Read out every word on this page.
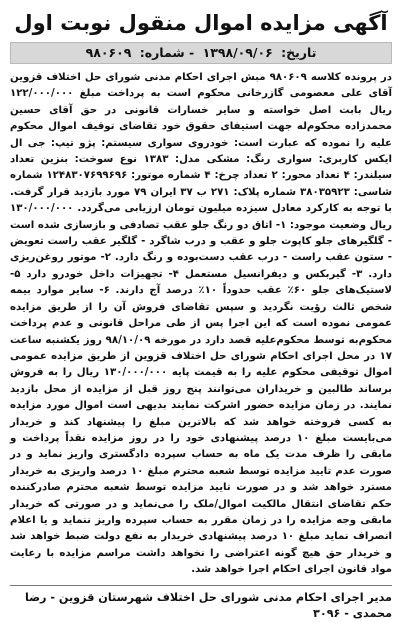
آگهی مزایده اموال منقول نوبت اول
تاریخ: ۱۳۹۸/۰۹/۰۶ - شماره: ۹۸۰۶۰۹

در پرونده کلاسه ۹۸۰۶۰۹ مبش اجرای احکام مدنی شورای حل اختلاف قزوین آقای علی معصومی گازرخانی محکوم است به پرداخت مبلغ ۱۲۲/۰۰۰/۰۰۰ ریال بابت اصل خواسته و سایر خسارات قانونی در حق آقای حسین محمدزاده محکوم‌له جهت استیفای حقوق خود تقاضای توقیف اموال محکوم علیه را نموده که عبارت است: خودروی سواری سیستم: پژو تیپ: جی ال ایکس کاربری: سواری رنگ: مشکی مدل: ۱۳۸۳ نوع سوخت: بنزین تعداد سیلندر: ۴ تعداد محور: ۲ تعداد چرخ: ۴ شماره موتور: ۱۲۴۸۳۰۷۶۹۹۶۹۶ شماره شاسی: ۳۸۰۳۵۹۲۳ شماره پلاک: ۲۷۱ ب ۳۷ ایران ۷۹ مورد بازدید قرار گرفت. با توجه به کارکرد معادل سیزده میلیون تومان ارزیابی می‌گردد. ۱۳۰/۰۰۰/۰۰۰ ریال وضعیت موجود: ۱- اتاق دو رنگ جلو عقب تصادفی و بازسازی شده است - گلگیرهای جلو کاپوت جلو و عقب و درب شاگرد - گلگیر عقب راست تعویض - ستون عقب راست - درب عقب دست‌بوده و رنگ دارد. ۲- موتور روغن‌ریزی دارد. ۳- گیربکس و دیفرانسیل مستعمل ۴- تجهیزات داخل خودرو دارد ۵- لاستیک‌های جلو ۶۰٪ عقب حدوداً ۱۰٪ درصد آج دارند. ۶- سایر موارد بیمه شخص ثالث رؤیت نگردید و سپس تقاضای فروش آن را از طریق مزایده عمومی نموده است که این اجرا پس از طی مراحل قانونی و عدم پرداخت محکوم‌به توسط محکوم‌علیه قصد دارد در مورخه ۹۸/۱۰/۰۹ روز یکشنبه ساعت ۱۷ در محل اجرای احکام شورای حل اختلاف قزوین از طریق مزایده عمومی اموال توقیفی محکوم علیه را به قیمت پایه ۱۳۰/۰۰۰/۰۰۰ ریال را به فروش برساند طالبین و خریداران می‌توانند پنج روز قبل از مزایده از محل بازدید نمایند. در زمان مزایده حضور اشرکت نمایند بدیهی است اموال مورد مزایده به کسی فروخته خواهد شد که بالاترین مبلغ را پیشنهاد کند و خریدار می‌بایست مبلغ ۱۰ درصد پیشنهادی خود را در روز مزایده نقداً پرداخت و مابقی را ظرف مدت یک ماه به حساب سپرده دادگستری واریز نماید و در صورت عدم تایید مزایده توسط شعبه محترم مبلغ ۱۰ درصد واریزی به خریدار مسترد خواهد شد و در صورت تایید مزایده توسط شعبه محترم صادرکننده حکم تقاضای انتقال مالکیت اموال/ملک را می‌نماید و در صورتی که خریدار مابقی وجه مزایده را در زمان مقرر به حساب سپرده واریز ننماید و یا اعلام انصراف نماید مبلغ ۱۰ درصد پیشنهادی خریدار به نفع دولت ضبط خواهد شد و خریدار حق هیچ گونه اعتراضی را نخواهد داشت مراسم مزایده با رعایت مواد قانون اجرای احکام اجرا خواهد شد.

مدیر اجرای احکام مدنی شورای حل اختلاف شهرستان قزوین - رضا محمدی - ۳۰۹۶
